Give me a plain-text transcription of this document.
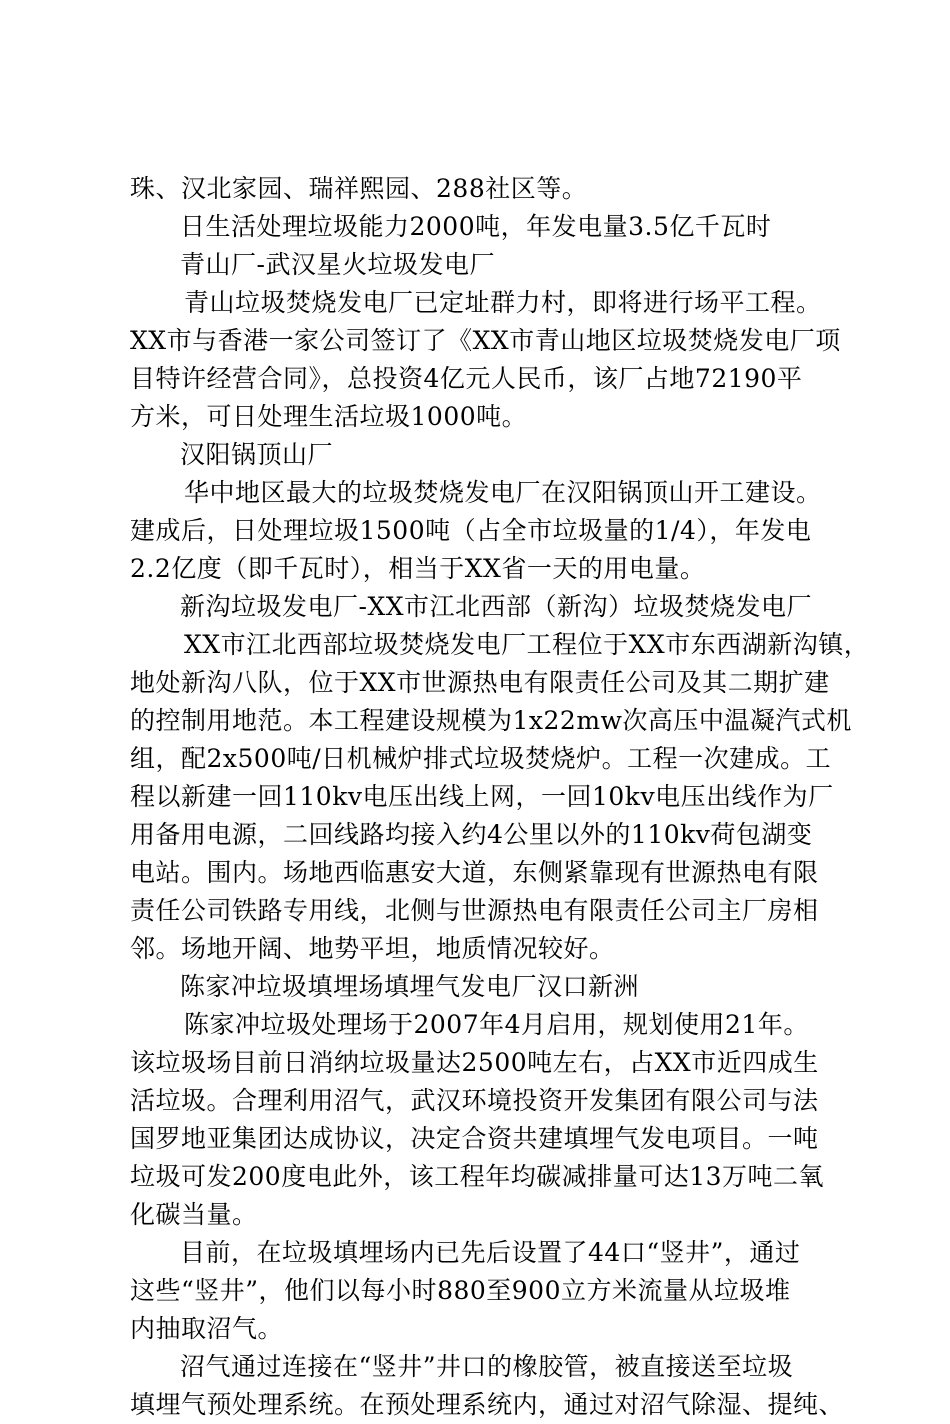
珠、汉北家园、瑞祥熙园、288社区等。
日生活处理垃圾能力2000吨，年发电量3.5亿千瓦时
青山厂-武汉星火垃圾发电厂
青山垃圾焚烧发电厂已定址群力村，即将进行场平工程。
XX市与香港一家公司签订了《XX市青山地区垃圾焚烧发电厂项
目特许经营合同》，总投资4亿元人民币，该厂占地72190平
方米，可日处理生活垃圾1000吨。
汉阳锅顶山厂
华中地区最大的垃圾焚烧发电厂在汉阳锅顶山开工建设。
建成后，日处理垃圾1500吨（占全市垃圾量的1/4），年发电
2.2亿度（即千瓦时），相当于XX省一天的用电量。
新沟垃圾发电厂-XX市江北西部（新沟）垃圾焚烧发电厂
XX市江北西部垃圾焚烧发电厂工程位于XX市东西湖新沟镇，
地处新沟八队，位于XX市世源热电有限责任公司及其二期扩建
的控制用地范。本工程建设规模为1x22mw次高压中温凝汽式机
组，配2x500吨/日机械炉排式垃圾焚烧炉。工程一次建成。工
程以新建一回110kv电压出线上网，一回10kv电压出线作为厂
用备用电源，二回线路均接入约4公里以外的110kv荷包湖变
电站。围内。场地西临惠安大道，东侧紧靠现有世源热电有限
责任公司铁路专用线，北侧与世源热电有限责任公司主厂房相
邻。场地开阔、地势平坦，地质情况较好。
陈家冲垃圾填埋场填埋气发电厂汉口新洲
陈家冲垃圾处理场于2007年4月启用，规划使用21年。
该垃圾场目前日消纳垃圾量达2500吨左右，占XX市近四成生
活垃圾。合理利用沼气，武汉环境投资开发集团有限公司与法
国罗地亚集团达成协议，决定合资共建填埋气发电项目。一吨
垃圾可发200度电此外，该工程年均碳减排量可达13万吨二氧
化碳当量。
目前，在垃圾填埋场内已先后设置了44口“竖井”，通过
这些“竖井”，他们以每小时880至900立方米流量从垃圾堆
内抽取沼气。
沼气通过连接在“竖井”井口的橡胶管，被直接送至垃圾
填埋气预处理系统。在预处理系统内，通过对沼气除湿、提纯、
